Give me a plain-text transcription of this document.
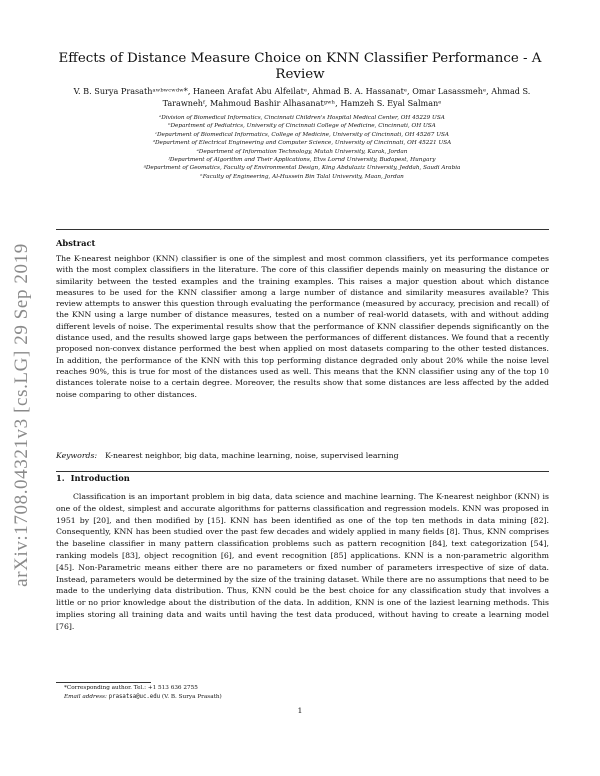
arXiv:1708.04321v3 [cs.LG] 29 Sep 2019
Effects of Distance Measure Choice on KNN Classifier Performance - A Review
V. B. Surya Prasathᵃʷᵇʷᶜʷᵈʷ*, Haneen Arafat Abu Alfeilatᵉ, Ahmad B. A. Hassanatᵉ, Omar Lasassmehᵉ, Ahmad S.
Tarawnehᶠ, Mahmoud Bashir Alhasanatᵍʷʰ, Hamzeh S. Eyal Salmanᵉ
ᵃDivision of Biomedical Informatics, Cincinnati Children's Hospital Medical Center, OH 45229 USA
ᵇDepartment of Pediatrics, University of Cincinnati College of Medicine, Cincinnati, OH USA
ᶜDepartment of Biomedical Informatics, College of Medicine, University of Cincinnati, OH 45267 USA
ᵈDepartment of Electrical Engineering and Computer Science, University of Cincinnati, OH 45221 USA
ᵉDepartment of Information Technology, Mutah University, Karak, Jordan
ᶠDepartment of Algorithm and Their Applications, Etvs Lornd University, Budapest, Hungary
ᵍDepartment of Geomatics, Faculty of Environmental Design, King Abdulaziz University, Jeddah, Saudi Arabia
ʰFaculty of Engineering, Al-Hussein Bin Talal University, Maan, Jordan
Abstract
The K-nearest neighbor (KNN) classifier is one of the simplest and most common classifiers, yet its performance competes with the most complex classifiers in the literature. The core of this classifier depends mainly on measuring the distance or similarity between the tested examples and the training examples. This raises a major question about which distance measures to be used for the KNN classifier among a large number of distance and similarity measures available? This review attempts to answer this question through evaluating the performance (measured by accuracy, precision and recall) of the KNN using a large number of distance measures, tested on a number of real-world datasets, with and without adding different levels of noise. The experimental results show that the performance of KNN classifier depends significantly on the distance used, and the results showed large gaps between the performances of different distances. We found that a recently proposed non-convex distance performed the best when applied on most datasets comparing to the other tested distances. In addition, the performance of the KNN with this top performing distance degraded only about 20% while the noise level reaches 90%, this is true for most of the distances used as well. This means that the KNN classifier using any of the top 10 distances tolerate noise to a certain degree. Moreover, the results show that some distances are less affected by the added noise comparing to other distances.
Keywords: K-nearest neighbor, big data, machine learning, noise, supervised learning
1. Introduction
Classification is an important problem in big data, data science and machine learning. The K-nearest neighbor (KNN) is one of the oldest, simplest and accurate algorithms for patterns classification and regression models. KNN was proposed in 1951 by [20], and then modified by [15]. KNN has been identified as one of the top ten methods in data mining [82]. Consequently, KNN has been studied over the past few decades and widely applied in many fields [8]. Thus, KNN comprises the baseline classifier in many pattern classification problems such as pattern recognition [84], text categorization [54], ranking models [83], object recognition [6], and event recognition [85] applications. KNN is a non-parametric algorithm [45]. Non-Parametric means either there are no parameters or fixed number of parameters irrespective of size of data. Instead, parameters would be determined by the size of the training dataset. While there are no assumptions that need to be made to the underlying data distribution. Thus, KNN could be the best choice for any classification study that involves a little or no prior knowledge about the distribution of the data. In addition, KNN is one of the laziest learning methods. This implies storing all training data and waits until having the test data produced, without having to create a learning model [76].
*Corresponding author. Tel.: +1 513 636 2755
Email address: prasatsa@uc.edu (V. B. Surya Prasath)
1
